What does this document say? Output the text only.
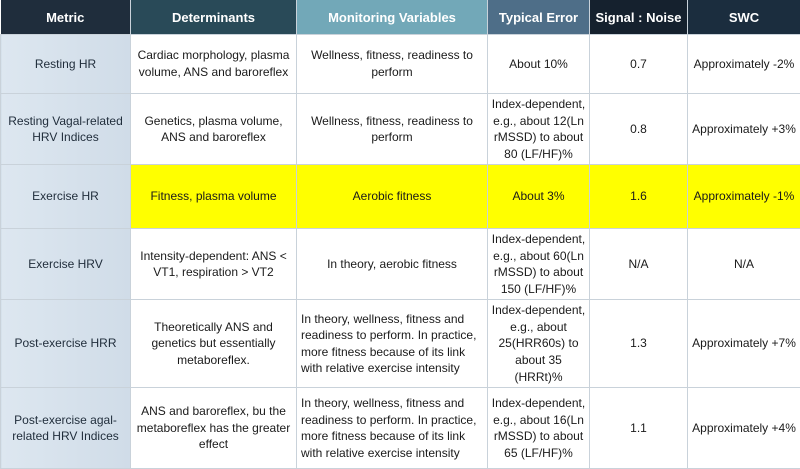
Metric	Determinants	Monitoring Variables	Typical Error	Signal : Noise	SWC
Resting HR	Cardiac morphology, plasma volume, ANS and baroreflex	Wellness, fitness, readiness to perform	About 10%	0.7	Approximately -2%
Resting Vagal-related HRV Indices	Genetics, plasma volume, ANS and baroreflex	Wellness, fitness, readiness to perform	Index-dependent, e.g., about 12(Ln rMSSD) to about 80 (LF/HF)%	0.8	Approximately +3%
Exercise HR	Fitness, plasma volume	Aerobic fitness	About 3%	1.6	Approximately -1%
Exercise HRV	Intensity-dependent: ANS < VT1, respiration > VT2	In theory, aerobic fitness	Index-dependent, e.g., about 60(Ln rMSSD) to about 150 (LF/HF)%	N/A	N/A
Post-exercise HRR	Theoretically ANS and genetics but essentially metaboreflex.	In theory, wellness, fitness and readiness to perform. In practice, more fitness because of its link with relative exercise intensity	Index-dependent, e.g., about 25(HRR60s) to about 35 (HRRt)%	1.3	Approximately +7%
Post-exercise agal-related HRV Indices	ANS and baroreflex, bu the metaboreflex has the greater effect	In theory, wellness, fitness and readiness to perform. In practice, more fitness because of its link with relative exercise intensity	Index-dependent, e.g., about 16(Ln rMSSD) to about 65 (LF/HF)%	1.1	Approximately +4%
